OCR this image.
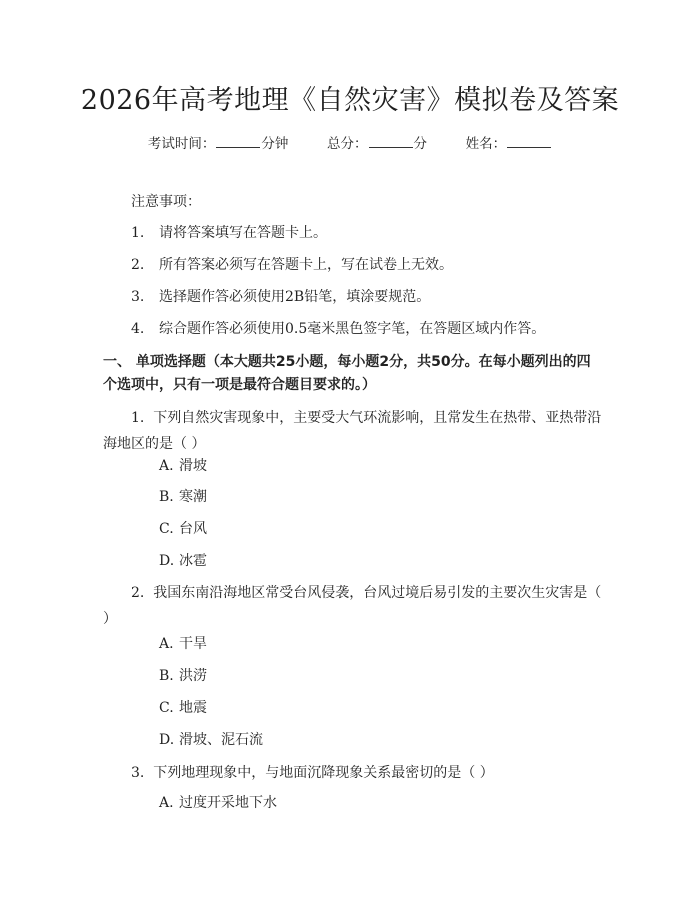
2026年高考地理《自然灾害》模拟卷及答案
考试时间：	分钟	总分：	分	姓名：
注意事项：
1. 请将答案填写在答题卡上。
2. 所有答案必须写在答题卡上，写在试卷上无效。
3. 选择题作答必须使用2B铅笔，填涂要规范。
4. 综合题作答必须使用0.5毫米黑色签字笔，在答题区域内作答。
一、 单项选择题（本大题共25小题，每小题2分，共50分。在每小题列出的四个选项中，只有一项是最符合题目要求的。）
1. 下列自然灾害现象中，主要受大气环流影响，且常发生在热带、亚热带沿海地区的是（ ）
A. 滑坡
B. 寒潮
C. 台风
D. 冰雹
2. 我国东南沿海地区常受台风侵袭，台风过境后易引发的主要次生灾害是（ ）
A. 干旱
B. 洪涝
C. 地震
D. 滑坡、泥石流
3. 下列地理现象中，与地面沉降现象关系最密切的是（ ）
A. 过度开采地下水
